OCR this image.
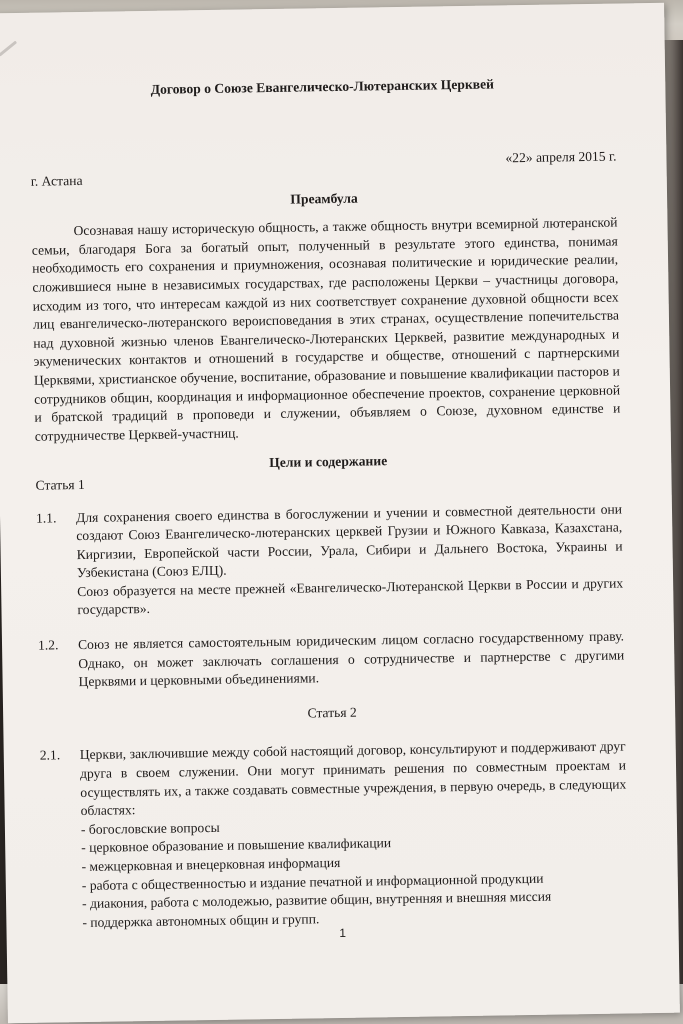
Договор о Союзе Евангелическо-Лютеранских Церквей
«22» апреля 2015 г.
г. Астана
Преамбула

Осознавая нашу историческую общность, а также общность внутри всемирной лютеранской семьи, благодаря Бога за богатый опыт, полученный в результате этого единства, понимая необходимость его сохранения и приумножения, осознавая политические и юридические реалии, сложившиеся ныне в независимых государствах, где расположены Церкви – участницы договора, исходим из того, что интересам каждой из них соответствует сохранение духовной общности всех лиц евангелическо-лютеранского вероисповедания в этих странах, осуществление попечительства над духовной жизнью членов Евангелическо-Лютеранских Церквей, развитие международных и экуменических контактов и отношений в государстве и обществе, отношений с партнерскими Церквями, христианское обучение, воспитание, образование и повышение квалификации пасторов и сотрудников общин, координация и информационное обеспечение проектов, сохранение церковной и братской традиций в проповеди и служении, объявляем о Союзе, духовном единстве и сотрудничестве Церквей-участниц.

Цели и содержание
Статья 1
1.1.	Для сохранения своего единства в богослужении и учении и совместной деятельности они создают Союз Евангелическо-лютеранских церквей Грузии и Южного Кавказа, Казахстана, Киргизии, Европейской части России, Урала, Сибири и Дальнего Востока, Украины и Узбекистана (Союз ЕЛЦ).

Союз образуется на месте прежней «Евангелическо-Лютеранской Церкви в России и других государств».

1.2.	Союз не является самостоятельным юридическим лицом согласно государственному праву. Однако, он может заключать соглашения о сотрудничестве и партнерстве с другими Церквями и церковными объединениями.

Статья 2
2.1.	Церкви, заключившие между собой настоящий договор, консультируют и поддерживают друг друга в своем служении. Они могут принимать решения по совместным проектам и осуществлять их, а также создавать совместные учреждения, в первую очередь, в следующих областях:

- богословские вопросы
- церковное образование и повышение квалификации
- межцерковная и внецерковная информация
- работа с общественностью и издание печатной и информационной продукции
- диакония, работа с молодежью, развитие общин, внутренняя и внешняя миссия
- поддержка автономных общин и групп.
1
